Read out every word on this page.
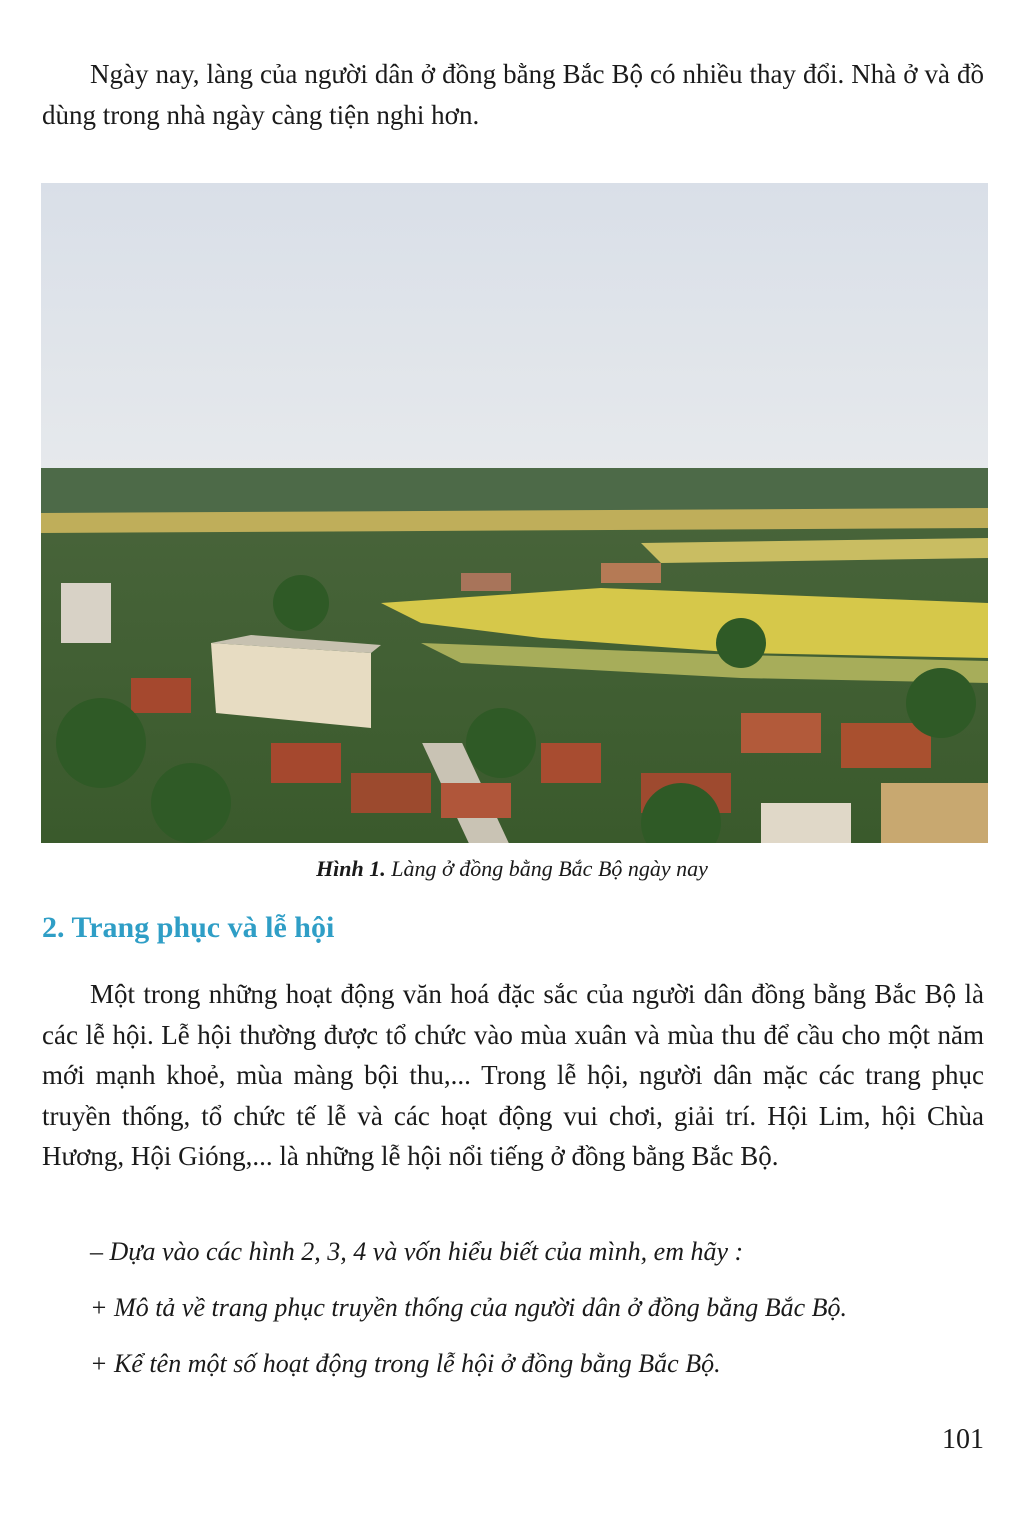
Ngày nay, làng của người dân ở đồng bằng Bắc Bộ có nhiều thay đổi. Nhà ở và đồ dùng trong nhà ngày càng tiện nghi hơn.

Hình 1. Làng ở đồng bằng Bắc Bộ ngày nay

2. Trang phục và lễ hội

Một trong những hoạt động văn hoá đặc sắc của người dân đồng bằng Bắc Bộ là các lễ hội. Lễ hội thường được tổ chức vào mùa xuân và mùa thu để cầu cho một năm mới mạnh khoẻ, mùa màng bội thu,... Trong lễ hội, người dân mặc các trang phục truyền thống, tổ chức tế lễ và các hoạt động vui chơi, giải trí. Hội Lim, hội Chùa Hương, Hội Gióng,... là những lễ hội nổi tiếng ở đồng bằng Bắc Bộ.

– Dựa vào các hình 2, 3, 4 và vốn hiểu biết của mình, em hãy :

+ Mô tả về trang phục truyền thống của người dân ở đồng bằng Bắc Bộ.

+ Kể tên một số hoạt động trong lễ hội ở đồng bằng Bắc Bộ.

101
